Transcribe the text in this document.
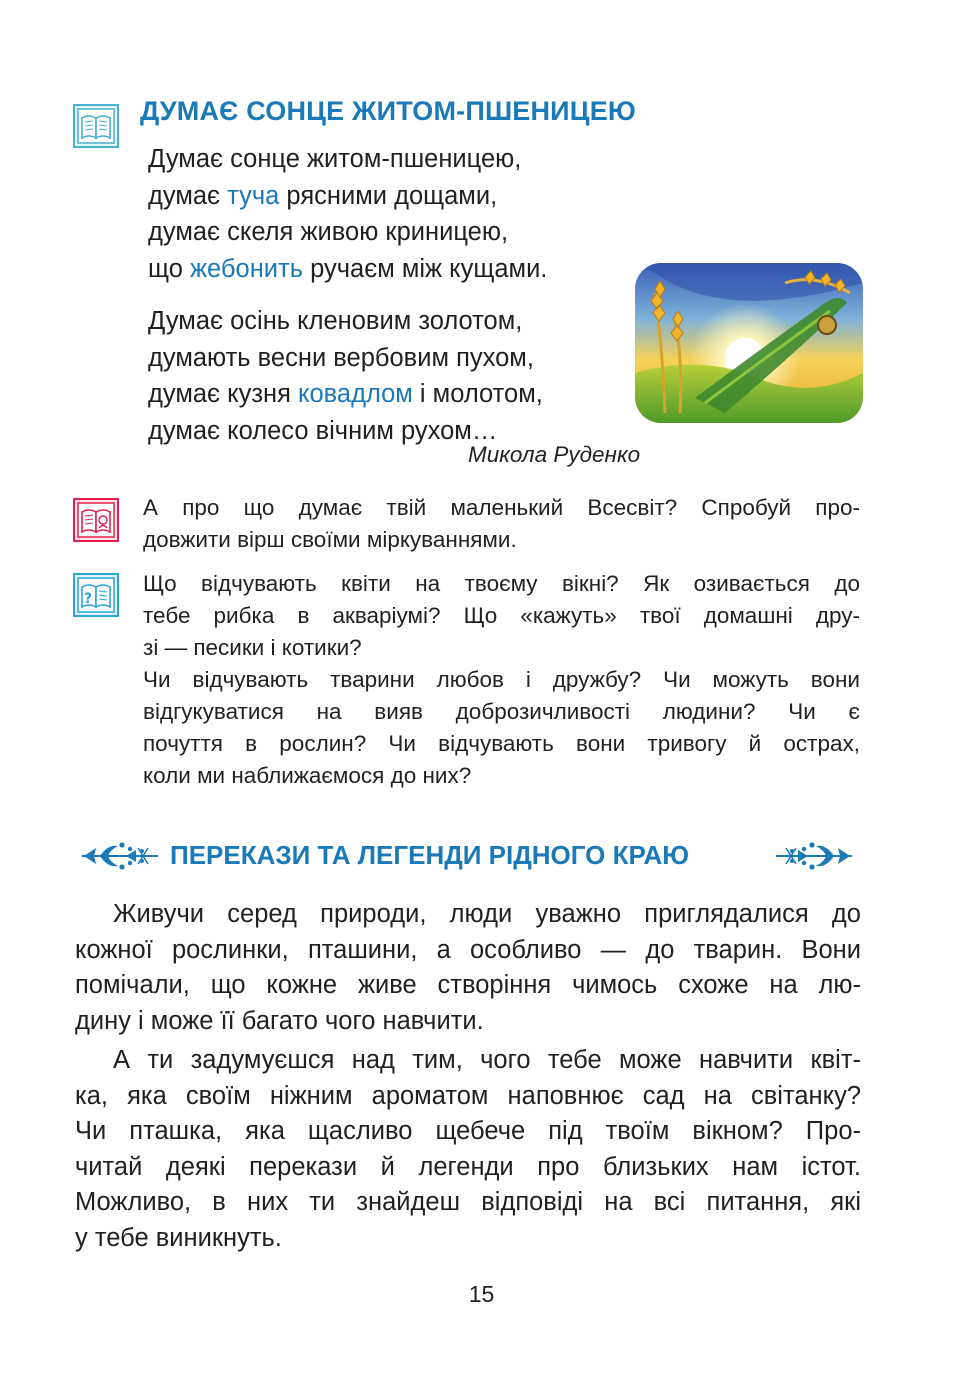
ДУМАЄ СОНЦЕ ЖИТОМ-ПШЕНИЦЕЮ
Думає сонце житом-пшеницею,
думає туча рясними дощами,
думає скеля живою криницею,
що жебонить ручаєм між кущами.
Думає осінь кленовим золотом,
думають весни вербовим пухом,
думає кузня ковадлом і молотом,
думає колесо вічним рухом…
Микола Руденко

А про що думає твій маленький Всесвіт? Спробуй про-

довжити вірш своїми міркуваннями.

?

Що відчувають квіти на твоєму вікні? Як озивається до

тебе рибка в акваріумі? Що «кажуть» твої домашні дру-

зі — песики і котики?

Чи відчувають тварини любов і дружбу? Чи можуть вони

відгукуватися на вияв доброзичливості людини? Чи є

почуття в рослин? Чи відчувають вони тривогу й острах,

коли ми наближаємося до них?

ПЕРЕКАЗИ ТА ЛЕГЕНДИ РІДНОГО КРАЮ
Живучи серед природи, люди уважно приглядалися до
кожної рослинки, пташини, а особливо — до тварин. Вони
помічали, що кожне живе створіння чимось схоже на лю-
дину і може її багато чого навчити.
А ти задумуєшся над тим, чого тебе може навчити квіт-
ка, яка своїм ніжним ароматом наповнює сад на світанку?
Чи пташка, яка щасливо щебече під твоїм вікном? Про-
читай деякі перекази й легенди про близьких нам істот.
Можливо, в них ти знайдеш відповіді на всі питання, які
у тебе виникнуть.
15
